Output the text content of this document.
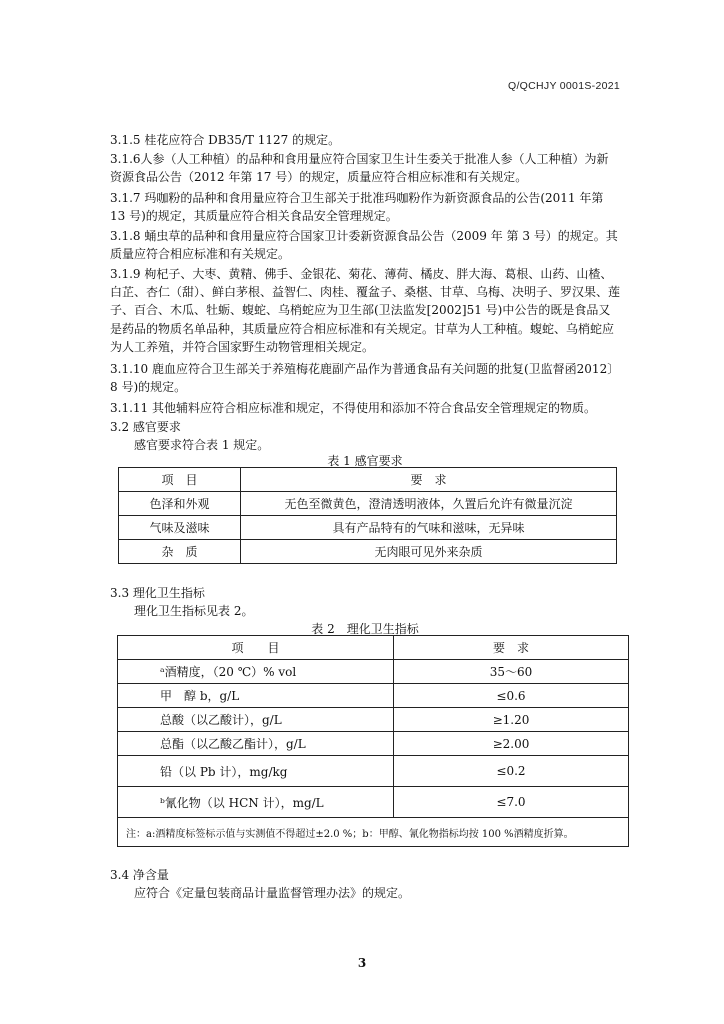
Q/QCHJY 0001S-2021

3.1.5 桂花应符合 DB35/T 1127 的规定。

3.1.6人参（人工种植）的品种和食用量应符合国家卫生计生委关于批准人参（人工种植）为新资源食品公告（2012 年第 17 号）的规定，质量应符合相应标准和有关规定。

3.1.7 玛咖粉的品种和食用量应符合卫生部关于批准玛咖粉作为新资源食品的公告(2011 年第 13 号)的规定，其质量应符合相关食品安全管理规定。

3.1.8 蛹虫草的品种和食用量应符合国家卫计委新资源食品公告（2009 年 第 3 号）的规定。其质量应符合相应标准和有关规定。

3.1.9 枸杞子、大枣、黄精、佛手、金银花、菊花、薄荷、橘皮、胖大海、葛根、山药、山楂、白芷、杏仁（甜）、鲜白茅根、益智仁、肉桂、覆盆子、桑椹、甘草、乌梅、决明子、罗汉果、莲子、百合、木瓜、牡蛎、蝮蛇、乌梢蛇应为卫生部(卫法监发[2002]51 号)中公告的既是食品又是药品的物质名单品种，其质量应符合相应标准和有关规定。甘草为人工种植。蝮蛇、乌梢蛇应为人工养殖，并符合国家野生动物管理相关规定。

3.1.10 鹿血应符合卫生部关于养殖梅花鹿副产品作为普通食品有关问题的批复(卫监督函2012〕8 号)的规定。

3.1.11 其他辅料应符合相应标准和规定，不得使用和添加不符合食品安全管理规定的物质。

3.2 感官要求

感官要求符合表 1 规定。

表 1 感官要求

项　目	要　求
色泽和外观	无色至微黄色，澄清透明液体，久置后允许有微量沉淀
气味及滋味	具有产品特有的气味和滋味，无异味
杂　质	无肉眼可见外来杂质

3.3 理化卫生指标

理化卫生指标见表 2。

表 2　理化卫生指标

项　　目	要　求
ᵃ酒精度，（20 ℃）% vol	35～60
甲　醇 b，g/L	≤0.6
总酸（以乙酸计），g/L	≥1.20
总酯（以乙酸乙酯计），g/L	≥2.00
铅（以 Pb 计），mg/kg	≤0.2
ᵇ氰化物（以 HCN 计），mg/L	≤7.0
注：a:酒精度标签标示值与实测值不得超过±2.0 %；b：甲醇、氰化物指标均按 100 %酒精度折算。	

3.4 净含量

应符合《定量包装商品计量监督管理办法》的规定。

3
